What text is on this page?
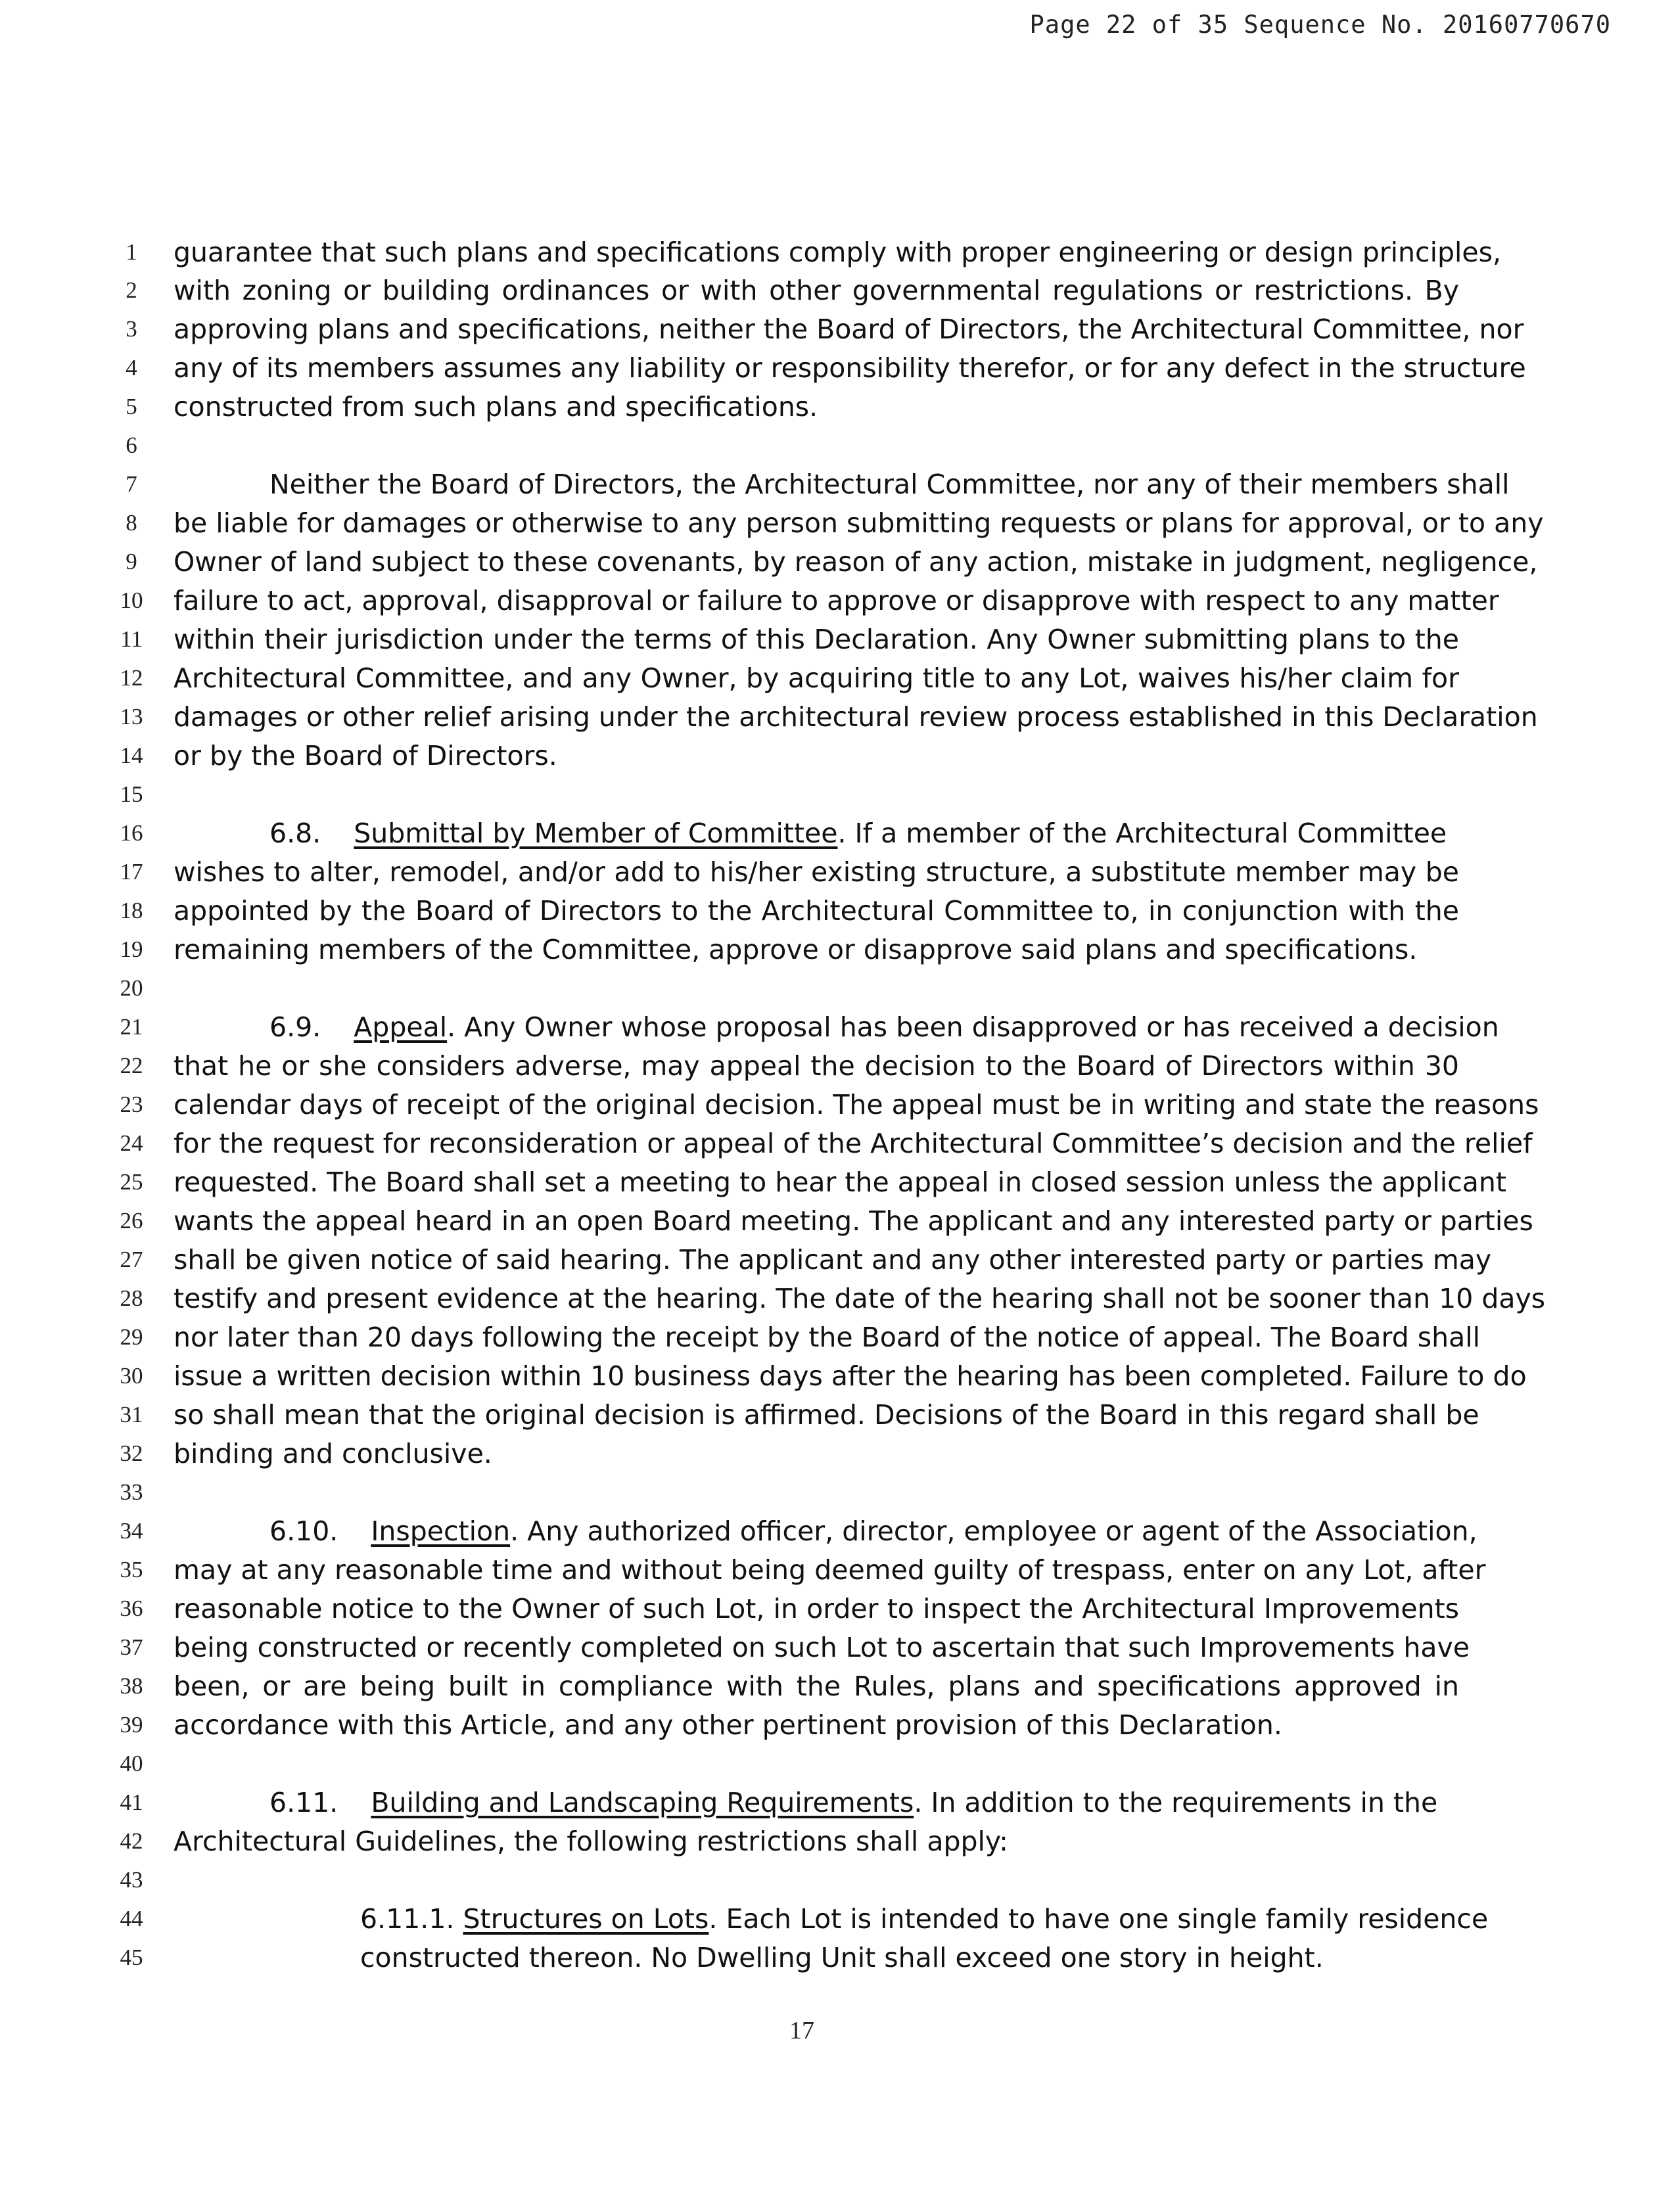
Page 22 of 35 Sequence No. 20160770670
1
2
3
4
5
6
7
8
9
10
11
12
13
14
15
16
17
18
19
20
21
22
23
24
25
26
27
28
29
30
31
32
33
34
35
36
37
38
39
40
41
42
43
44
45
guarantee that such plans and specifications comply with proper engineering or design principles,
with zoning or building ordinances or with other governmental regulations or restrictions. By
approving plans and specifications, neither the Board of Directors, the Architectural Committee, nor
any of its members assumes any liability or responsibility therefor, or for any defect in the structure
constructed from such plans and specifications.
Neither the Board of Directors, the Architectural Committee, nor any of their members shall
be liable for damages or otherwise to any person submitting requests or plans for approval, or to any
Owner of land subject to these covenants, by reason of any action, mistake in judgment, negligence,
failure to act, approval, disapproval or failure to approve or disapprove with respect to any matter
within their jurisdiction under the terms of this Declaration. Any Owner submitting plans to the
Architectural Committee, and any Owner, by acquiring title to any Lot, waives his/her claim for
damages or other relief arising under the architectural review process established in this Declaration
or by the Board of Directors.
6.8. Submittal by Member of Committee. If a member of the Architectural Committee
wishes to alter, remodel, and/or add to his/her existing structure, a substitute member may be
appointed by the Board of Directors to the Architectural Committee to, in conjunction with the
remaining members of the Committee, approve or disapprove said plans and specifications.
6.9. Appeal. Any Owner whose proposal has been disapproved or has received a decision
that he or she considers adverse, may appeal the decision to the Board of Directors within 30
calendar days of receipt of the original decision. The appeal must be in writing and state the reasons
for the request for reconsideration or appeal of the Architectural Committee’s decision and the relief
requested. The Board shall set a meeting to hear the appeal in closed session unless the applicant
wants the appeal heard in an open Board meeting. The applicant and any interested party or parties
shall be given notice of said hearing. The applicant and any other interested party or parties may
testify and present evidence at the hearing. The date of the hearing shall not be sooner than 10 days
nor later than 20 days following the receipt by the Board of the notice of appeal. The Board shall
issue a written decision within 10 business days after the hearing has been completed. Failure to do
so shall mean that the original decision is affirmed. Decisions of the Board in this regard shall be
binding and conclusive.
6.10. Inspection. Any authorized officer, director, employee or agent of the Association,
may at any reasonable time and without being deemed guilty of trespass, enter on any Lot, after
reasonable notice to the Owner of such Lot, in order to inspect the Architectural Improvements
being constructed or recently completed on such Lot to ascertain that such Improvements have
been, or are being built in compliance with the Rules, plans and specifications approved in
accordance with this Article, and any other pertinent provision of this Declaration.
6.11. Building and Landscaping Requirements. In addition to the requirements in the
Architectural Guidelines, the following restrictions shall apply:
6.11.1. Structures on Lots. Each Lot is intended to have one single family residence
constructed thereon. No Dwelling Unit shall exceed one story in height.
17
